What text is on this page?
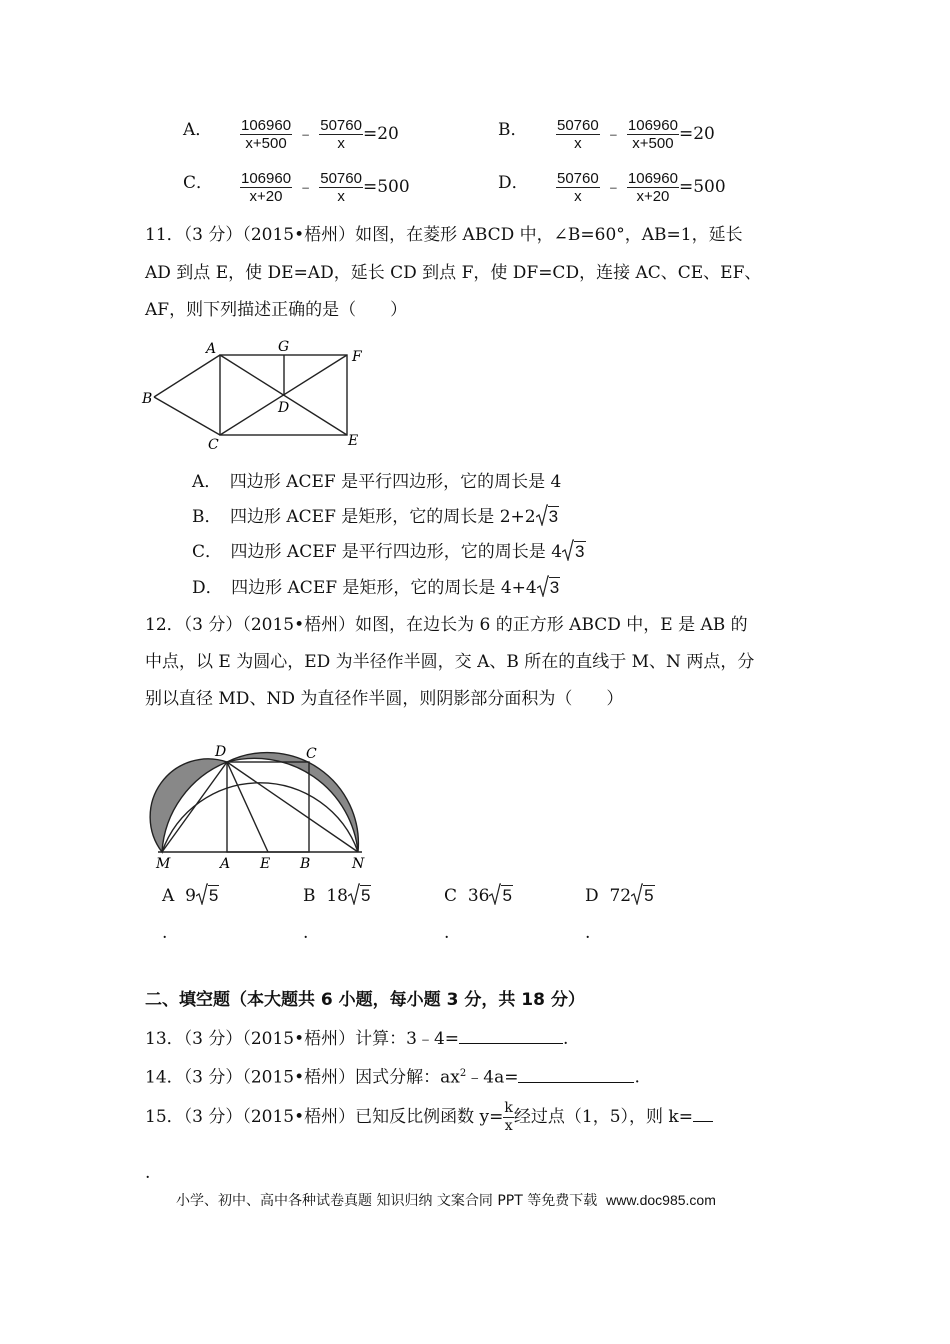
A． $\frac{106960}{x+500}$ ﹣ $\frac{50760}{x} =20$	B． $\frac{50760}{x}$ ﹣ $\frac{106960}{x+500} =20$
C． $\frac{106960}{x+20}$ ﹣ $\frac{50760}{x} =500$	D． $\frac{50760}{x}$ ﹣ $\frac{106960}{x+20} =500$
11．（3 分）（2015•梧州）如图，在菱形 ABCD 中，∠B=60°，AB=1，延长
AD 到点 E，使 DE=AD，延长 CD 到点 F，使 DF=CD，连接 AC、CE、EF、
AF，则下列描述正确的是（　　）
A	G
F
B
D
C	E
A．　四边形 ACEF 是平行四边形，它的周长是 4
B．　四边形 ACEF 是矩形，它的周长是 2+2 3
C．　四边形 ACEF 是平行四边形，它的周长是 4 3
D．　四边形 ACEF 是矩形，它的周长是 4+4 3
12．（3 分）（2015•梧州）如图，在边长为 6 的正方形 ABCD 中，E 是 AB 的
中点，以 E 为圆心，ED 为半径作半圆，交 A、B 所在的直线于 M、N 两点，分
别以直径 MD、ND 为直径作半圆，则阴影部分面积为（　　）
D	C
M	A E B	N
A 9 5
.
B 18 5
.
C 36 5
.
D 72 5
.
二、填空题（本大题共 6 小题，每小题 3 分，共 18 分）
13．（3 分）（2015•梧州）计算：3﹣4=	.
14．（3 分）（2015•梧州）因式分解：$ax^2﹣4a=$	.
15．（3 分）（2015•梧州）已知反比例函数 $y= \frac{k}{x}$ 经过点（1，5），则 k=
.
小学、初中、高中各种试卷真题 知识归纳 文案合同 PPT 等免费下载 www.doc985.com
